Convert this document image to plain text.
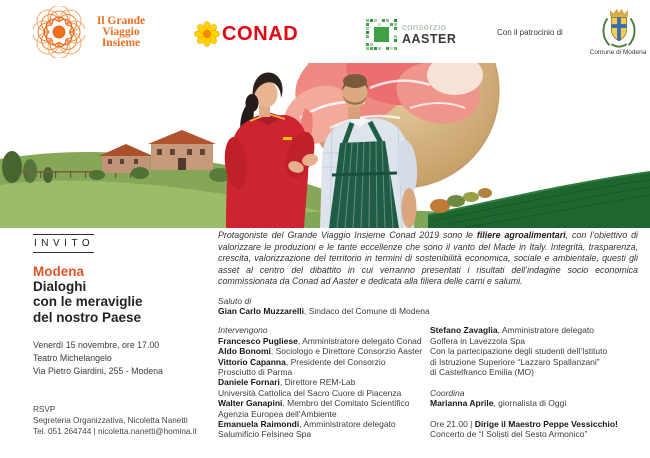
Il Grande
Viaggio
Insieme	CONAD	consorzio
AASTER	Con il patrocinio di
Comune di Modena
INVITO
Modena
Dialoghi
con le meraviglie
del nostro Paese
Venerdì 15 novembre, ore 17.00
Teatro Michelangelo
Via Pietro Giardini, 255 - Modena
RSVP
Segreteria Organizzativa, Nicoletta Nanetti
Tel. 051 264744 | nicoletta.nanetti@homina.it

Protagoniste del Grande Viaggio Insieme Conad 2019 sono le filiere agroalimentari, con l’obiettivo di valorizzare le produzioni e le tante eccellenze che sono il vanto del Made in Italy. Integrità, trasparenza, crescita, valorizzazione del territorio in termini di sostenibilità economica, sociale e ambientale, questi gli asset al centro del dibattito in cui verranno presentati i risultati dell’indagine socio economica commissionata da Conad ad Aaster e dedicata alla filiera delle carni e salumi.

Saluto di
Gian Carlo Muzzarelli, Sindaco del Comune di Modena
Intervengono
Francesco Pugliese, Amministratore delegato Conad
Aldo Bonomi, Sociologo e Direttore Consorzio Aaster
Vittorio Capanna, Presidente del Consorzio
Prosciutto di Parma
Daniele Fornari, Direttore REM-Lab
Università Cattolica del Sacro Cuore di Piacenza
Walter Ganapini, Membro del Comitato Scientifico
Agenzia Europea dell’Ambiente
Emanuela Raimondi, Amministratore delegato
Salumificio Felsineo Spa
Stefano Zavaglia, Amministratore delegato
Golfera in Lavezzola Spa
Con la partecipazione degli studenti dell’Istituto
di Istruzione Superiore “Lazzaro Spallanzani”
di Castelfranco Emilia (MO)
Coordina
Marianna Aprile, giornalista di Oggi
Ore 21.00 | Dirige il Maestro Peppe Vessicchio!
Concerto de “I Solisti del Sesto Armonico”
